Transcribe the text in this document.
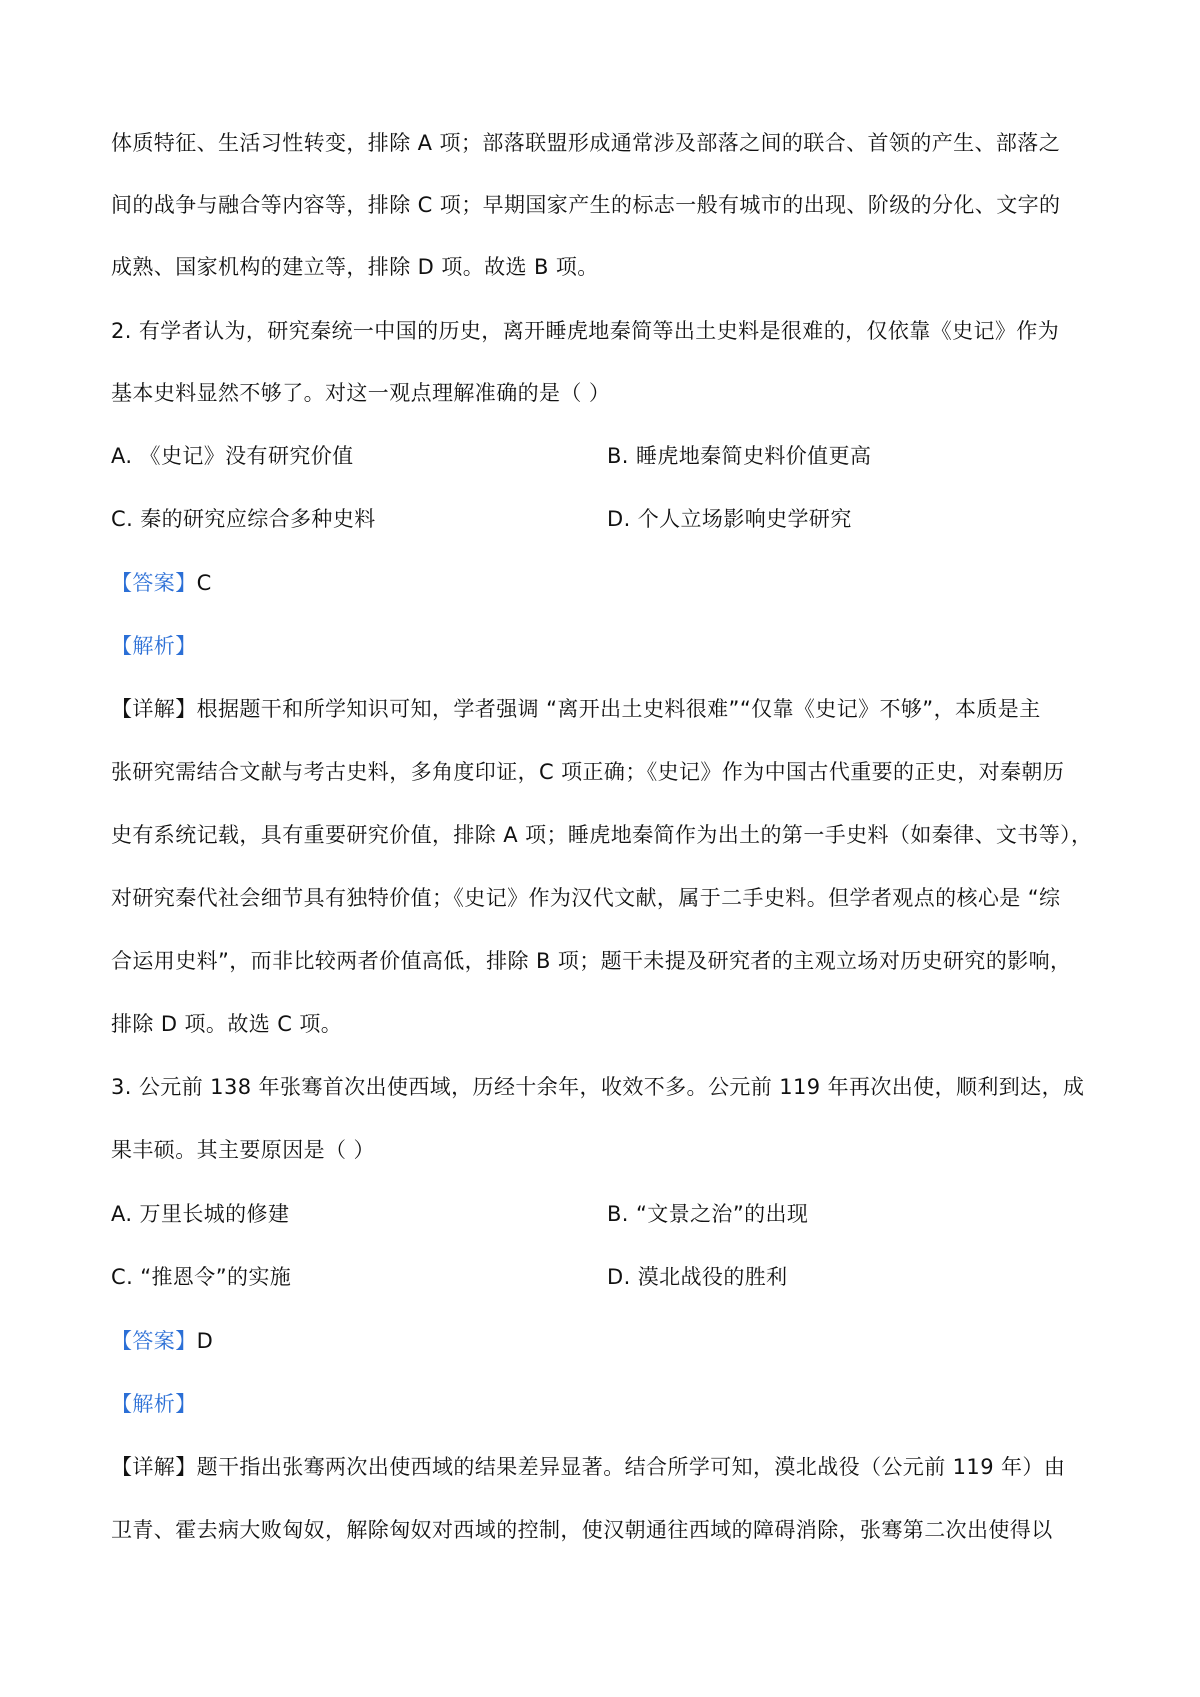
体质特征、生活习性转变，排除 A 项；部落联盟形成通常涉及部落之间的联合、首领的产生、部落之
间的战争与融合等内容等，排除 C 项；早期国家产生的标志一般有城市的出现、阶级的分化、文字的
成熟、国家机构的建立等，排除 D 项。故选 B 项。
2. 有学者认为，研究秦统一中国的历史，离开睡虎地秦简等出土史料是很难的，仅依靠《史记》作为
基本史料显然不够了。对这一观点理解准确的是（ ）
A. 《史记》没有研究价值	B. 睡虎地秦简史料价值更高
C. 秦的研究应综合多种史料	D. 个人立场影响史学研究
【答案】C
【解析】
【详解】根据题干和所学知识可知，学者强调 “离开出土史料很难”“仅靠《史记》不够”，本质是主
张研究需结合文献与考古史料，多角度印证，C 项正确；《史记》作为中国古代重要的正史，对秦朝历
史有系统记载，具有重要研究价值，排除 A 项；睡虎地秦简作为出土的第一手史料（如秦律、文书等），
对研究秦代社会细节具有独特价值；《史记》作为汉代文献，属于二手史料。但学者观点的核心是 “综
合运用史料”，而非比较两者价值高低，排除 B 项；题干未提及研究者的主观立场对历史研究的影响，
排除 D 项。故选 C 项。
3. 公元前 138 年张骞首次出使西域，历经十余年，收效不多。公元前 119 年再次出使，顺利到达，成
果丰硕。其主要原因是（ ）
A. 万里长城的修建	B. “文景之治”的出现
C. “推恩令”的实施	D. 漠北战役的胜利
【答案】D
【解析】
【详解】题干指出张骞两次出使西域的结果差异显著。结合所学可知，漠北战役（公元前 119 年）由
卫青、霍去病大败匈奴，解除匈奴对西域的控制，使汉朝通往西域的障碍消除，张骞第二次出使得以
